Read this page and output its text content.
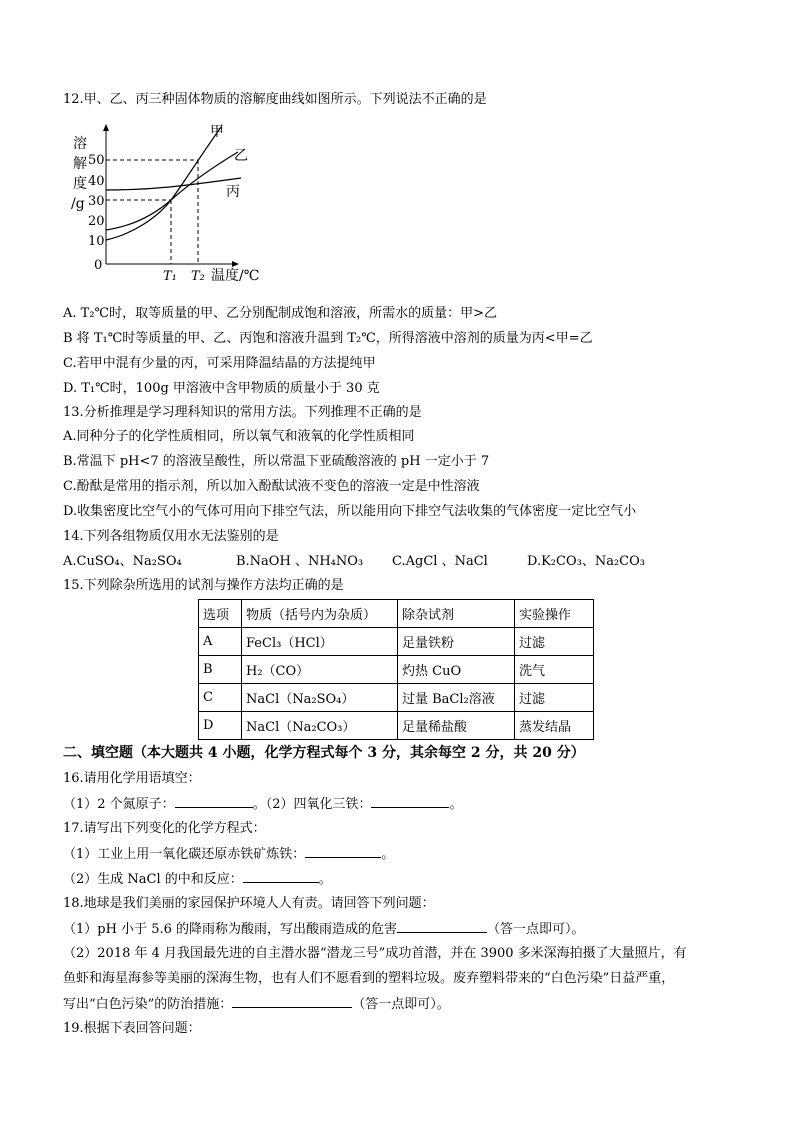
12.甲、乙、丙三种固体物质的溶解度曲线如图所示。下列说法不正确的是
溶
解
度
/g
50
40
30
20
10
0
甲
乙
丙
T₁ T₂ 温度/℃
A. T₂℃时，取等质量的甲、乙分别配制成饱和溶液，所需水的质量：甲>乙
B 将 T₁℃时等质量的甲、乙、丙饱和溶液升温到 T₂℃，所得溶液中溶剂的质量为丙<甲=乙
C.若甲中混有少量的丙，可采用降温结晶的方法提纯甲
D. T₁℃时，100g 甲溶液中含甲物质的质量小于 30 克
13.分析推理是学习理科知识的常用方法。下列推理不正确的是
A.同种分子的化学性质相同，所以氧气和液氧的化学性质相同
B.常温下 pH<7 的溶液呈酸性，所以常温下亚硫酸溶液的 pH 一定小于 7
C.酚酞是常用的指示剂，所以加入酚酞试液不变色的溶液一定是中性溶液
D.收集密度比空气小的气体可用向下排空气法，所以能用向下排空气法收集的气体密度一定比空气小
14.下列各组物质仅用水无法鉴别的是
A.CuSO₄、Na₂SO₄	B.NaOH 、NH₄NO₃ C.AgCl 、NaCl	D.K₂CO₃、Na₂CO₃
15.下列除杂所选用的试剂与操作方法均正确的是
选项	物质（括号内为杂质）	除杂试剂	实验操作
A	FeCl₃（HCl）	足量铁粉	过滤
B	H₂（CO）	灼热 CuO	洗气
C	NaCl（Na₂SO₄）	过量 BaCl₂溶液	过滤
D	NaCl（Na₂CO₃）	足量稀盐酸	蒸发结晶
二、填空题（本大题共 4 小题，化学方程式每个 3 分，其余每空 2 分，共 20 分）
16.请用化学用语填空：
（1）2 个氮原子：	。（2）四氧化三铁：	。
17.请写出下列变化的化学方程式：
（1）工业上用一氧化碳还原赤铁矿炼铁：	。
（2）生成 NaCl 的中和反应：	。
18.地球是我们美丽的家园保护环境人人有责。请回答下列问题：
（1）pH 小于 5.6 的降雨称为酸雨，写出酸雨造成的危害	（答一点即可）。
（2）2018 年 4 月我国最先进的自主潜水器“潜龙三号”成功首潜，并在 3900 多米深海拍摄了大量照片，有
鱼虾和海星海参等美丽的深海生物，也有人们不愿看到的塑料垃圾。废弃塑料带来的“白色污染”日益严重，
写出“白色污染”的防治措施：	（答一点即可）。
19.根据下表回答问题：
